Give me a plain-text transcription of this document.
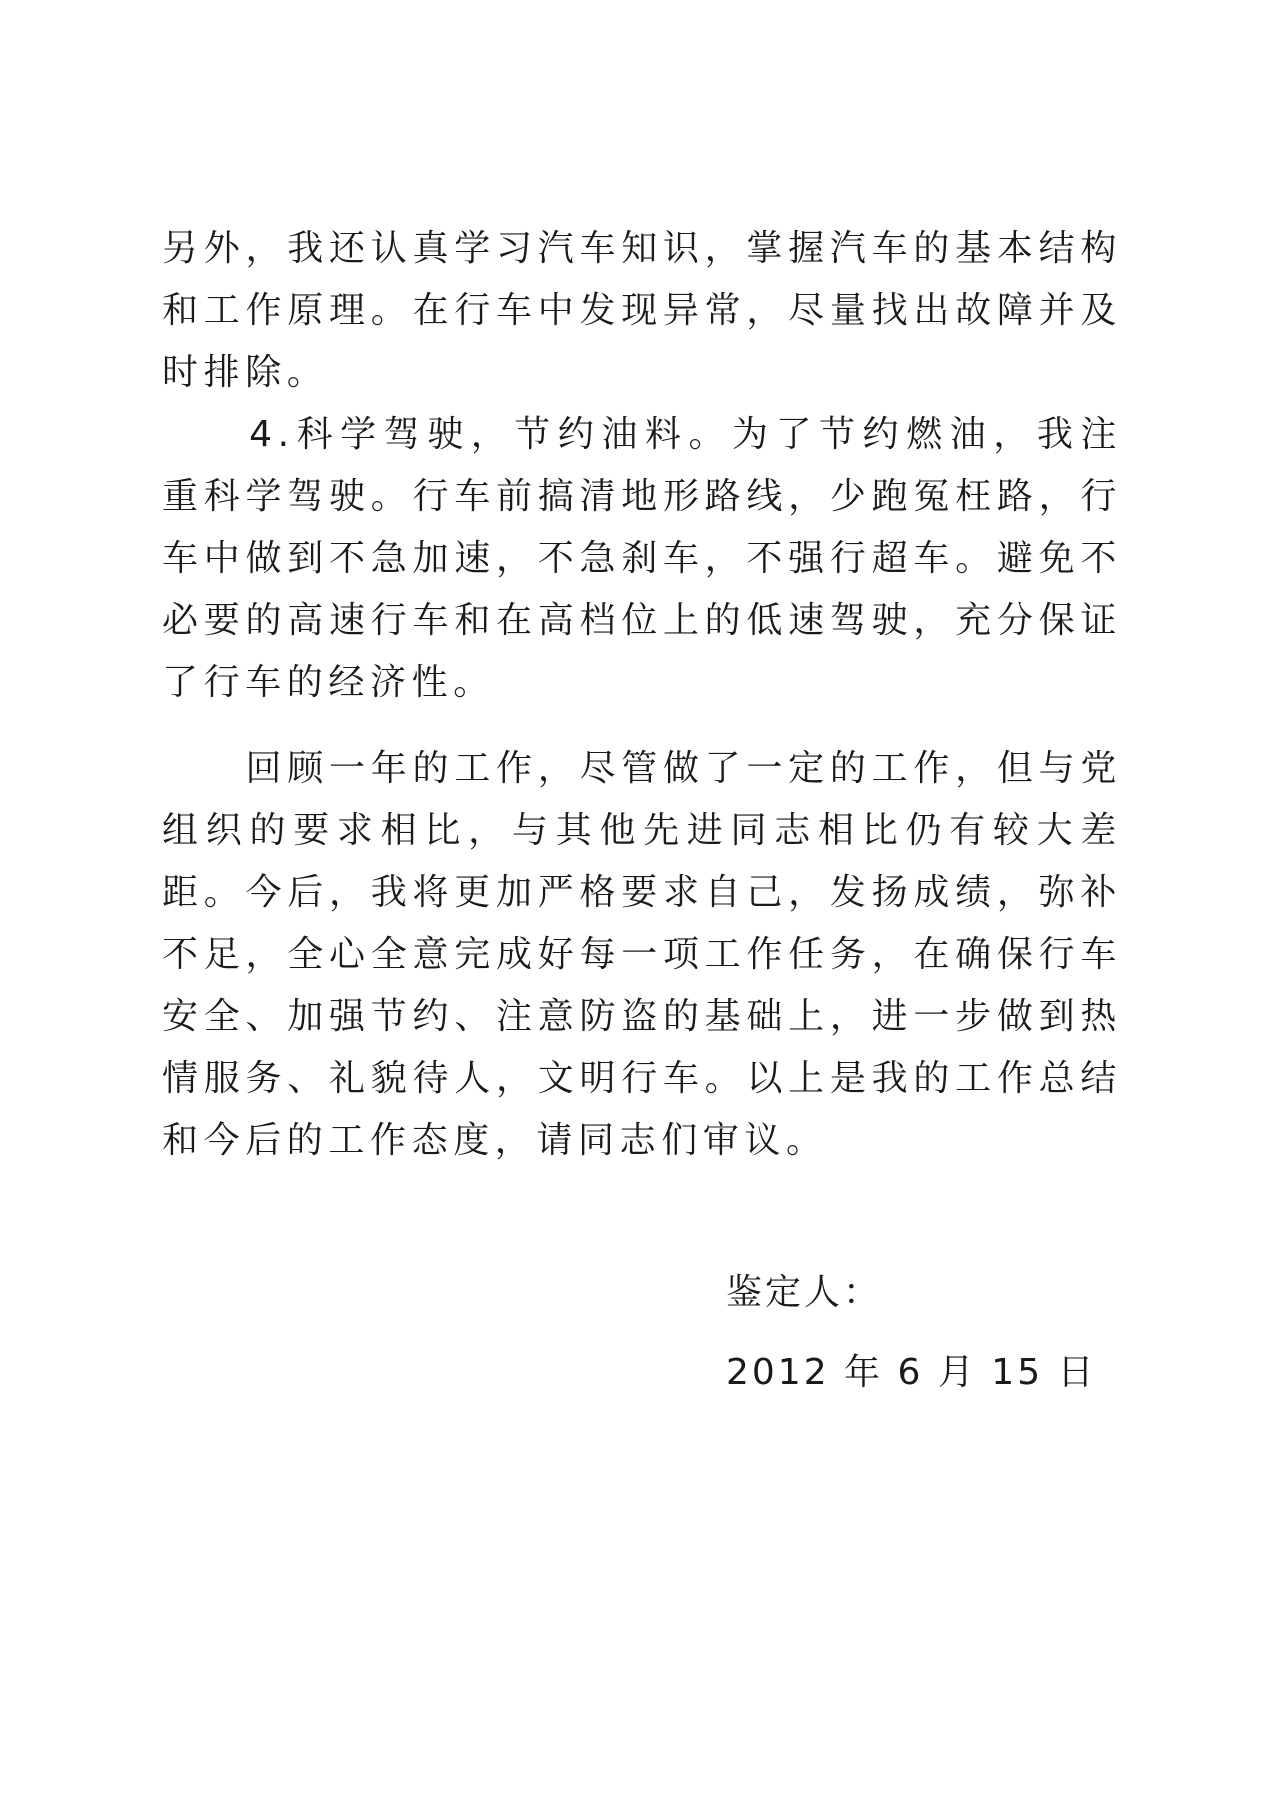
另外，我还认真学习汽车知识，掌握汽车的基本结构和工作原理。在行车中发现异常，尽量找出故障并及时排除。

　　4.科学驾驶，节约油料。为了节约燃油，我注重科学驾驶。行车前搞清地形路线，少跑冤枉路，行车中做到不急加速，不急刹车，不强行超车。避免不必要的高速行车和在高档位上的低速驾驶，充分保证了行车的经济性。

　　回顾一年的工作，尽管做了一定的工作，但与党组织的要求相比，与其他先进同志相比仍有较大差距。今后，我将更加严格要求自己，发扬成绩，弥补不足，全心全意完成好每一项工作任务，在确保行车安全、加强节约、注意防盗的基础上，进一步做到热情服务、礼貌待人，文明行车。以上是我的工作总结和今后的工作态度，请同志们审议。

鉴定人：

2012 年 6 月 15 日
